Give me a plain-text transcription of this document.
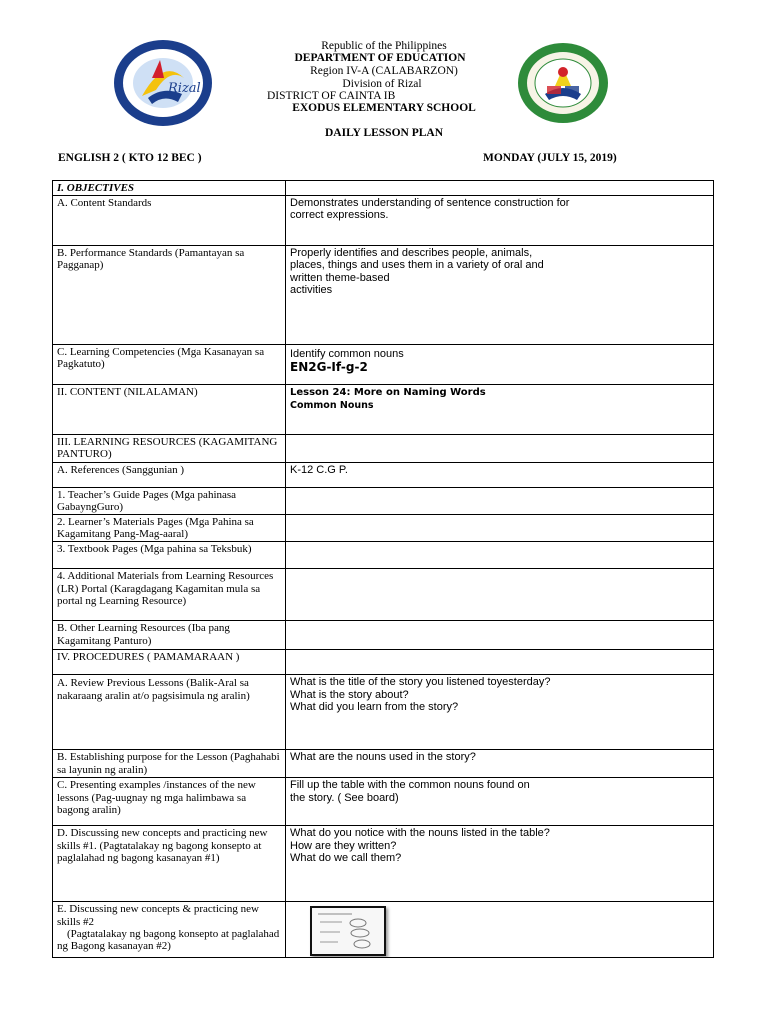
Rizal
Republic of the Philippines
DEPARTMENT OF EDUCATION
Region IV-A (CALABARZON)
Division of Rizal
DISTRICT OF CAINTA IB
EXODUS ELEMENTARY SCHOOL
DAILY LESSON PLAN
ENGLISH 2 ( KTO 12 BEC )	MONDAY (JULY 15, 2019)
I. OBJECTIVES	
A. Content Standards	Demonstrates understanding of sentence construction for
correct expressions.

B. Performance Standards (Pamantayan sa Pagganap)	Properly identifies and describes people, animals,
places, things and uses them in a variety of oral and
written theme-based
activities

C. Learning Competencies (Mga Kasanayan sa Pagkatuto)	Identify common nouns
EN2G-If-g-2

II. CONTENT (NILALAMAN)	Lesson 24: More on Naming Words
Common Nouns

III. LEARNING RESOURCES (KAGAMITANG PANTURO)	
A. References (Sanggunian )	K-12 C.G P.
1. Teacher’s Guide Pages (Mga pahinasa GabayngGuro)	
2. Learner’s Materials Pages (Mga Pahina sa Kagamitang Pang-Mag-aaral)	
3. Textbook Pages (Mga pahina sa Teksbuk)	
4. Additional Materials from Learning Resources (LR) Portal (Karagdagang Kagamitan mula sa portal ng Learning Resource)	
B. Other Learning Resources (Iba pang Kagamitang Panturo)	
IV. PROCEDURES ( PAMAMARAAN )	
A. Review Previous Lessons (Balik-Aral sa nakaraang aralin at/o pagsisimula ng aralin)	What is the title of the story you listened toyesterday?
What is the story about?
What did you learn from the story?

B. Establishing purpose for the Lesson (Paghahabi sa layunin ng aralin)	What are the nouns used in the story?

C. Presenting examples /instances of the new lessons (Pag-uugnay ng mga halimbawa sa bagong aralin)	Fill up the table with the common nouns found on
the story. ( See board)

D. Discussing new concepts and practicing new skills #1. (Pagtatalakay ng bagong konsepto at paglalahad ng bagong kasanayan #1)	What do you notice with the nouns listed in the table?
How are they written?
What do we call them?

E. Discussing new concepts & practicing new skills #2
(Pagtatalakay ng bagong konsepto at paglalahad ng Bagong kasanayan #2)
